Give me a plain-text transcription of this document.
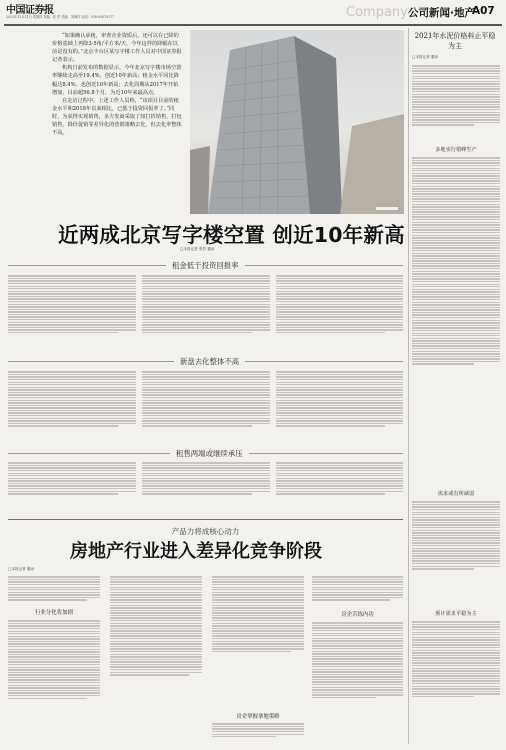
中国证券报
2023年12月21日 星期四 责编：张 哲 美编：刘海洋 电话：010-63070277	Company 公司新闻·地产
A07

“如果确认承租，审查企业资质后，还可以在已降的价格基础上再降3-5角/平方米/天，今年这样的降幅在以前是没有的。”北京丰台区某写字楼工作人员对中国证券报记者表示。

机构日前发布的数据显示，今年北京写字楼市场空置率继续走高至19.4%，创近10年新高；租金水平同比降幅达8.4%，也创近10年新高；去化周期从2017年开始增加，目前超56.8个月，为近10年来最高点。

在走访过程中，上述工作人员称，“该项目目前的租金水平和2018年以来相比，已低于投资回报率了。”同时，为获得实现销售，多方发商采取了如打折销售，打包销售，降价促销等差异化的营销策略去化，但去化率整体不高。

2021年水泥价格料止平稳为主
□本报记者 董添
多地实行错峰生产
需求或有所减弱
预计需求平稳为主
近两成北京写字楼空置 创近10年新高
□本报记者 张哲 董添
租金低于投资回报率
新盘去化整体不高
租售两端或继续承压
产品力将成核心动力
房地产行业进入差异化竞争阶段
□本报记者 董添
行业分化将加剧
房企掌握拿地策略
房企苦练内功
